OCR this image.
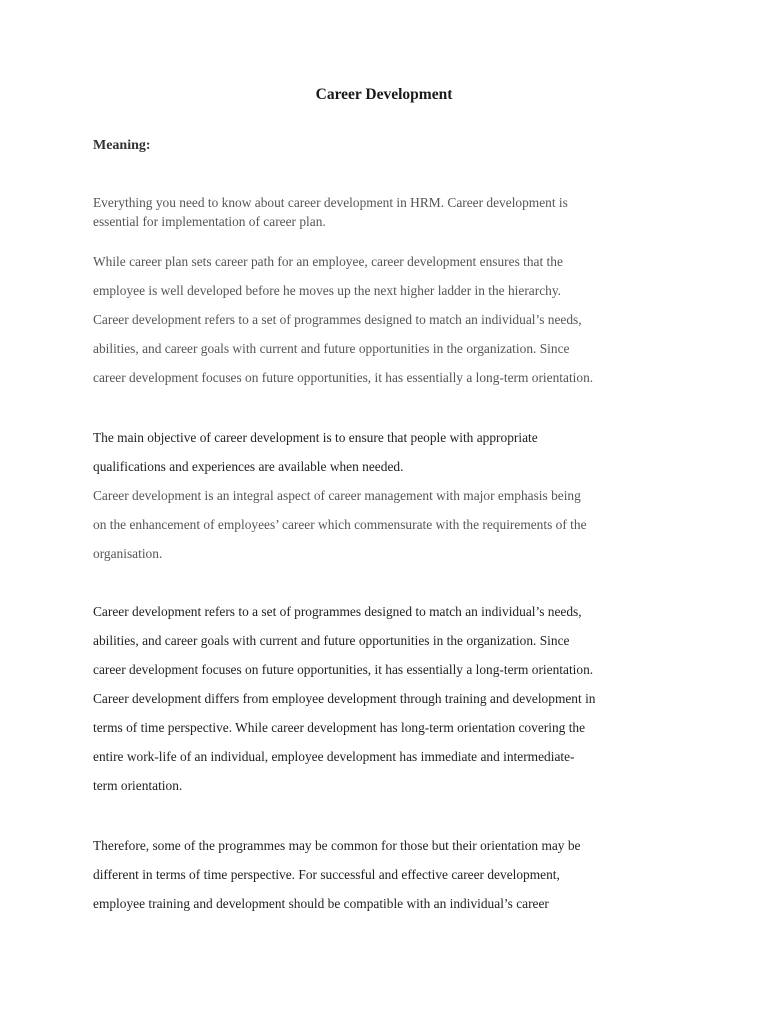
Career Development
Meaning:

Everything you need to know about career development in HRM. Career development is
essential for implementation of career plan.

While career plan sets career path for an employee, career development ensures that the
employee is well developed before he moves up the next higher ladder in the hierarchy.
Career development refers to a set of programmes designed to match an individual’s needs,
abilities, and career goals with current and future opportunities in the organization. Since
career development focuses on future opportunities, it has essentially a long-term orientation.

The main objective of career development is to ensure that people with appropriate
qualifications and experiences are available when needed.
Career development is an integral aspect of career management with major emphasis being
on the enhancement of employees’ career which commensurate with the requirements of the
organisation.

Career development refers to a set of programmes designed to match an individual’s needs,
abilities, and career goals with current and future opportunities in the organization. Since
career development focuses on future opportunities, it has essentially a long-term orientation.
Career development differs from employee development through training and development in
terms of time perspective. While career development has long-term orientation covering the
entire work-life of an individual, employee development has immediate and intermediate-
term orientation.

Therefore, some of the programmes may be common for those but their orientation may be
different in terms of time perspective. For successful and effective career development,
employee training and development should be compatible with an individual’s career
